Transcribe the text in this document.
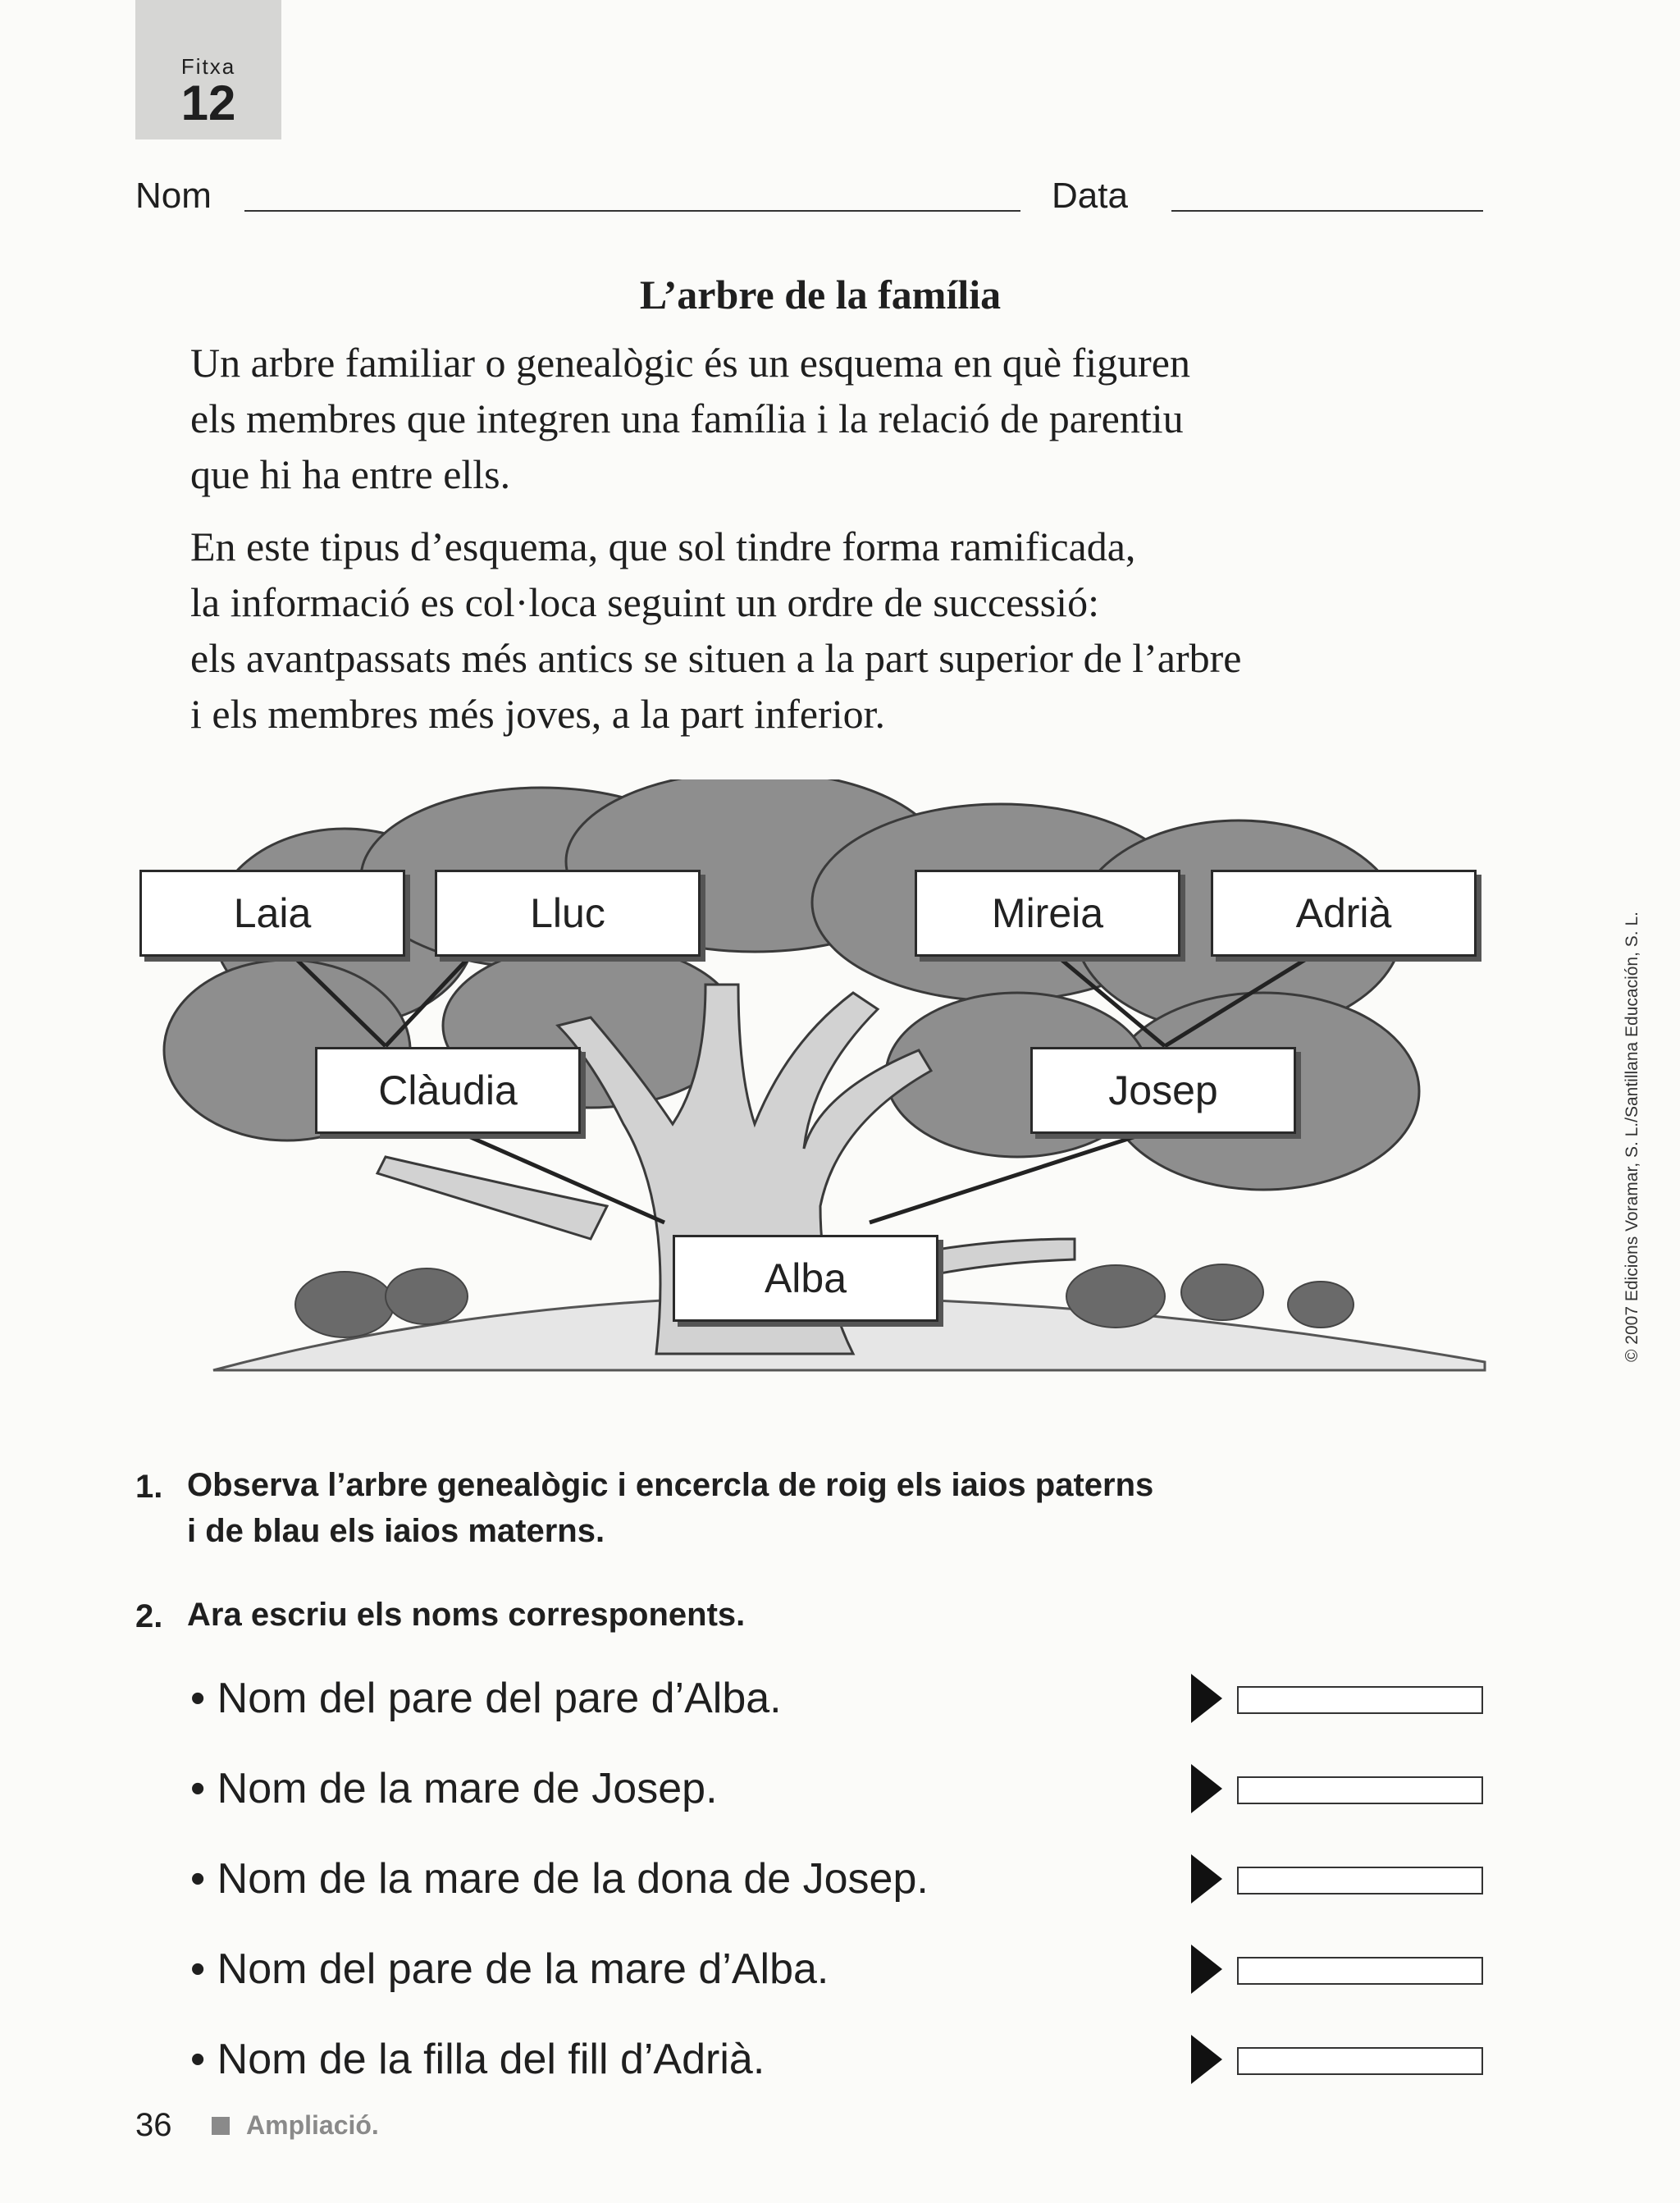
Fitxa
12
Nom	Data
L’arbre de la família
Un arbre familiar o genealògic és un esquema en què figuren
els membres que integren una família i la relació de parentiu
que hi ha entre ells.
En este tipus d’esquema, que sol tindre forma ramificada,
la informació es col·loca seguint un ordre de successió:
els avantpassats més antics se situen a la part superior de l’arbre
i els membres més joves, a la part inferior.
© 2007 Edicions Voramar, S. L./Santillana Educación, S. L.
Laia	Lluc	Mireia	Adrià
Clàudia	Josep
Alba
1. Observa l’arbre genealògic i encercla de roig els iaios paterns
i de blau els iaios materns.
2. Ara escriu els noms corresponents.
• Nom del pare del pare d’Alba.
• Nom de la mare de Josep.
• Nom de la mare de la dona de Josep.
• Nom del pare de la mare d’Alba.
• Nom de la filla del fill d’Adrià.
36	Ampliació.
